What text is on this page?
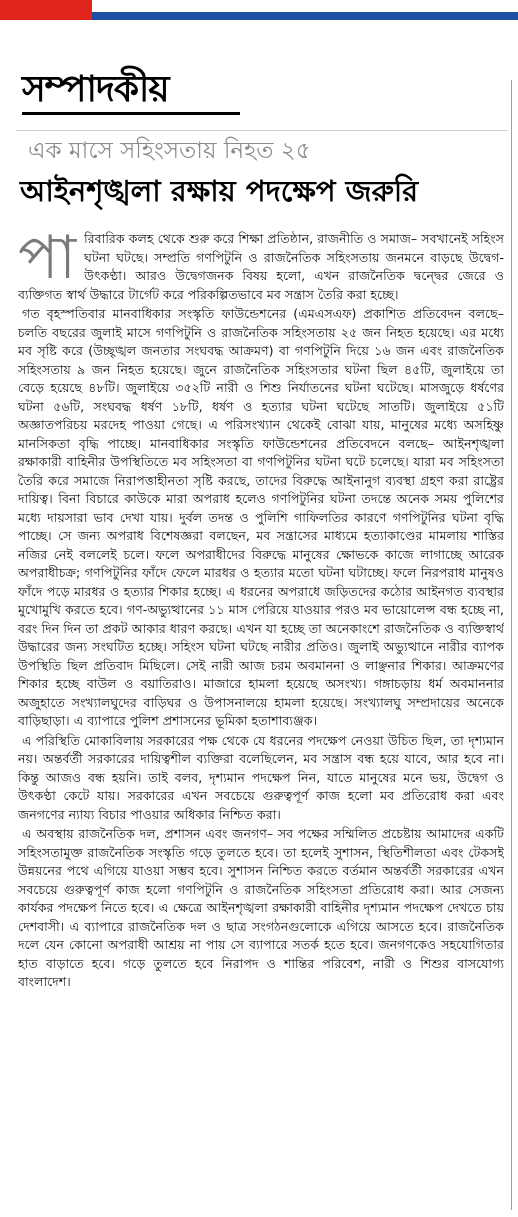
সম্পাদকীয়
এক মাসে সহিংসতায় নিহত ২৫
আইনশৃঙ্খলা রক্ষায় পদক্ষেপ জরুরি
পা রিবারিক কলহ থেকে শুরু করে শিক্ষা প্রতিষ্ঠান, রাজনীতি ও সমাজ– সবখানেই সহিংস ঘটনা ঘটছে। সম্প্রতি গণপিটুনি ও রাজনৈতিক সহিংসতায় জনমনে বাড়ছে উদ্বেগ-উৎকণ্ঠা। আরও উদ্বেগজনক বিষয় হলো, এখন রাজনৈতিক দ্বন্দ্বের জেরে ও ব্যক্তিগত স্বার্থ উদ্ধারে টার্গেট করে পরিকল্পিতভাবে মব সন্ত্রাস তৈরি করা হচ্ছে।

গত বৃহস্পতিবার মানবাধিকার সংস্কৃতি ফাউন্ডেশনের (এমএসএফ) প্রকাশিত প্রতিবেদন বলছে– চলতি বছরের জুলাই মাসে গণপিটুনি ও রাজনৈতিক সহিংসতায় ২৫ জন নিহত হয়েছে। এর মধ্যে মব সৃষ্টি করে (উচ্ছৃঙ্খল জনতার সংঘবদ্ধ আক্রমণ) বা গণপিটুনি দিয়ে ১৬ জন এবং রাজনৈতিক সহিংসতায় ৯ জন নিহত হয়েছে। জুনে রাজনৈতিক সহিংসতার ঘটনা ছিল ৪৫টি, জুলাইয়ে তা বেড়ে হয়েছে ৪৮টি। জুলাইয়ে ৩৫২টি নারী ও শিশু নির্যাতনের ঘটনা ঘটেছে। মাসজুড়ে ধর্ষণের ঘটনা ৫৬টি, সংঘবদ্ধ ধর্ষণ ১৮টি, ধর্ষণ ও হত্যার ঘটনা ঘটেছে সাতটি। জুলাইয়ে ৫১টি অজ্ঞাতপরিচয় মরদেহ পাওয়া গেছে। এ পরিসংখ্যান থেকেই বোঝা যায়, মানুষের মধ্যে অসহিষ্ণু মানসিকতা বৃদ্ধি পাচ্ছে। মানবাধিকার সংস্কৃতি ফাউন্ডেশনের প্রতিবেদনে বলছে– আইনশৃঙ্খলা রক্ষাকারী বাহিনীর উপস্থিতিতে মব সহিংসতা বা গণপিটুনির ঘটনা ঘটে চলেছে। যারা মব সহিংসতা তৈরি করে সমাজে নিরাপত্তাহীনতা সৃষ্টি করছে, তাদের বিরুদ্ধে আইনানুগ ব্যবস্থা গ্রহণ করা রাষ্ট্রের দায়িত্ব। বিনা বিচারে কাউকে মারা অপরাধ হলেও গণপিটুনির ঘটনা তদন্তে অনেক সময় পুলিশের মধ্যে দায়সারা ভাব দেখা যায়। দুর্বল তদন্ত ও পুলিশি গাফিলতির কারণে গণপিটুনির ঘটনা বৃদ্ধি পাচ্ছে। সে জন্য অপরাধ বিশেষজ্ঞরা বলছেন, মব সন্ত্রাসের মাধ্যমে হত্যাকাণ্ডের মামলায় শাস্তির নজির নেই বললেই চলে। ফলে অপরাধীদের বিরুদ্ধে মানুষের ক্ষোভকে কাজে লাগাচ্ছে আরেক অপরাধীচক্র; গণপিটুনির ফাঁদে ফেলে মারধর ও হত্যার মতো ঘটনা ঘটাচ্ছে। ফলে নিরপরাধ মানুষও ফাঁদে পড়ে মারধর ও হত্যার শিকার হচ্ছে। এ ধরনের অপরাধে জড়িতদের কঠোর আইনগত ব্যবস্থার মুখোমুখি করতে হবে। গণ-অভ্যুত্থানের ১১ মাস পেরিয়ে যাওয়ার পরও মব ভায়োলেন্স বন্ধ হচ্ছে না, বরং দিন দিন তা প্রকট আকার ধারণ করছে। এখন যা হচ্ছে তা অনেকাংশে রাজনৈতিক ও ব্যক্তিস্বার্থ উদ্ধারের জন্য সংঘটিত হচ্ছে। সহিংস ঘটনা ঘটছে নারীর প্রতিও। জুলাই অভ্যুত্থানে নারীর ব্যাপক উপস্থিতি ছিল প্রতিবাদ মিছিলে। সেই নারী আজ চরম অবমাননা ও লাঞ্ছনার শিকার। আক্রমণের শিকার হচ্ছে বাউল ও বয়াতিরাও। মাজারে হামলা হয়েছে অসংখ্য। গঙ্গাচড়ায় ধর্ম অবমাননার অজুহাতে সংখ্যালঘুদের বাড়িঘর ও উপাসনালয়ে হামলা হয়েছে। সংখ্যালঘু সম্প্রদায়ের অনেকে বাড়িছাড়া। এ ব্যাপারে পুলিশ প্রশাসনের ভূমিকা হতাশাব্যঞ্জক।

এ পরিস্থিতি মোকাবিলায় সরকারের পক্ষ থেকে যে ধরনের পদক্ষেপ নেওয়া উচিত ছিল, তা দৃশ্যমান নয়। অন্তর্বর্তী সরকারের দায়িত্বশীল ব্যক্তিরা বলেছিলেন, মব সন্ত্রাস বন্ধ হয়ে যাবে, আর হবে না। কিন্তু আজও বন্ধ হয়নি। তাই বলব, দৃশ্যমান পদক্ষেপ নিন, যাতে মানুষের মনে ভয়, উদ্বেগ ও উৎকণ্ঠা কেটে যায়। সরকারের এখন সবচেয়ে গুরুত্বপূর্ণ কাজ হলো মব প্রতিরোধ করা এবং জনগণের ন্যায্য বিচার পাওয়ার অধিকার নিশ্চিত করা।

এ অবস্থায় রাজনৈতিক দল, প্রশাসন এবং জনগণ– সব পক্ষের সম্মিলিত প্রচেষ্টায় আমাদের একটি সহিংসতামুক্ত রাজনৈতিক সংস্কৃতি গড়ে তুলতে হবে। তা হলেই সুশাসন, স্থিতিশীলতা এবং টেকসই উন্নয়নের পথে এগিয়ে যাওয়া সম্ভব হবে। সুশাসন নিশ্চিত করতে বর্তমান অন্তর্বর্তী সরকারের এখন সবচেয়ে গুরুত্বপূর্ণ কাজ হলো গণপিটুনি ও রাজনৈতিক সহিংসতা প্রতিরোধ করা। আর সেজন্য কার্যকর পদক্ষেপ নিতে হবে। এ ক্ষেত্রে আইনশৃঙ্খলা রক্ষাকারী বাহিনীর দৃশ্যমান পদক্ষেপ দেখতে চায় দেশবাসী। এ ব্যাপারে রাজনৈতিক দল ও ছাত্র সংগঠনগুলোকে এগিয়ে আসতে হবে। রাজনৈতিক দলে যেন কোনো অপরাধী আশ্রয় না পায় সে ব্যাপারে সতর্ক হতে হবে। জনগণকেও সহযোগিতার হাত বাড়াতে হবে। গড়ে তুলতে হবে নিরাপদ ও শান্তির পরিবেশ, নারী ও শিশুর বাসযোগ্য বাংলাদেশ।
